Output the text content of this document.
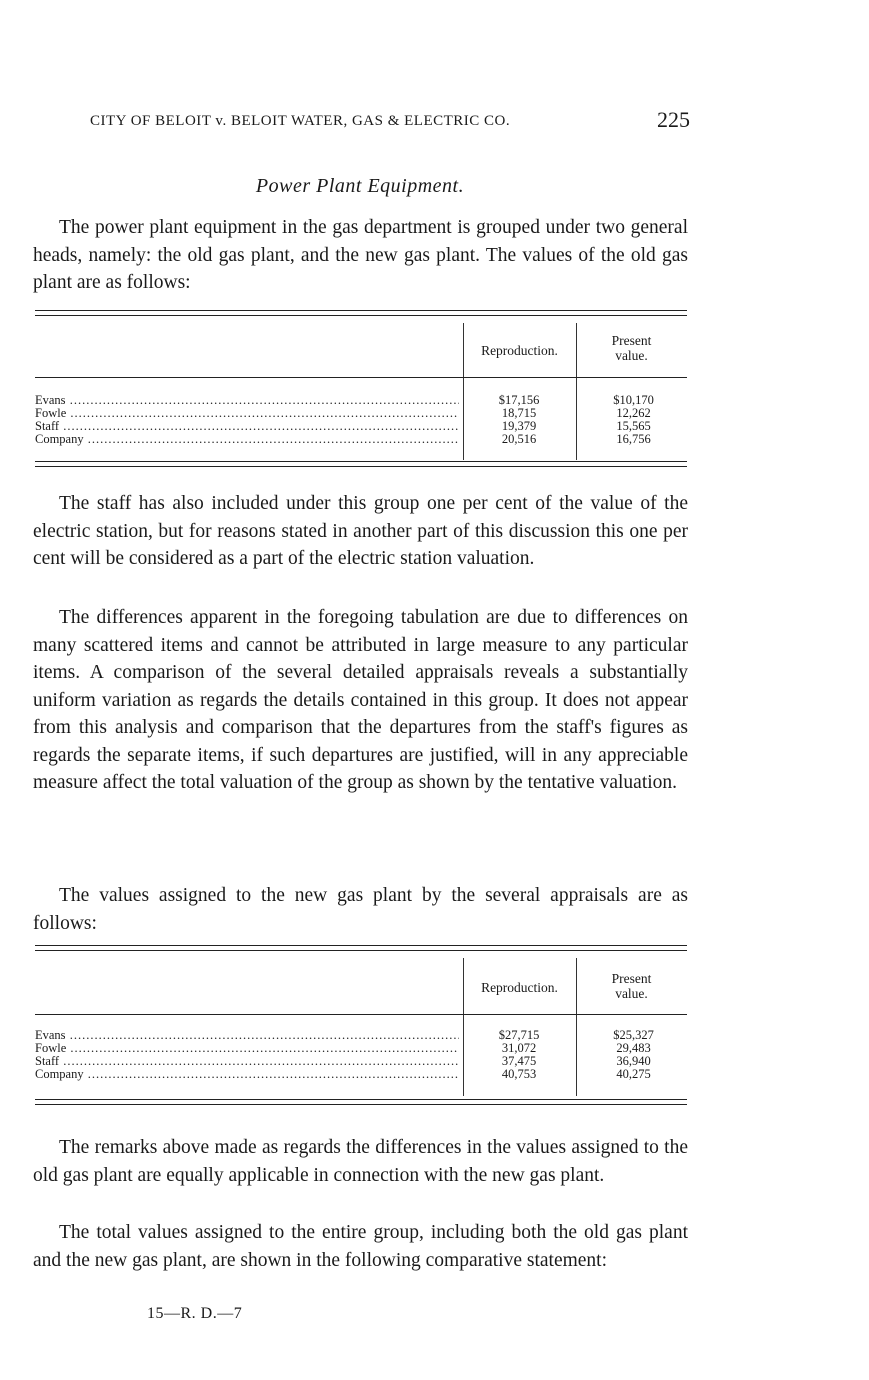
CITY OF BELOIT v. BELOIT WATER, GAS & ELECTRIC CO.	225
Power Plant Equipment.

The power plant equipment in the gas department is grouped under two general heads, namely: the old gas plant, and the new gas plant. The values of the old gas plant are as follows:

Reproduction.
Present
value.
Evans .....	$17,156	$10,170
Fowle .....	18,715	12,262
Staff .....	19,379	15,565
Company .....	20,516	16,756

The staff has also included under this group one per cent of the value of the electric station, but for reasons stated in another part of this discussion this one per cent will be considered as a part of the electric station valuation.

The differences apparent in the foregoing tabulation are due to differences on many scattered items and cannot be attributed in large measure to any particular items. A comparison of the several detailed appraisals reveals a substantially uniform variation as regards the details contained in this group. It does not appear from this analysis and comparison that the departures from the staff's figures as regards the separate items, if such departures are justified, will in any appreciable measure affect the total valuation of the group as shown by the tentative valuation.

The values assigned to the new gas plant by the several appraisals are as follows:

Reproduction.
Present
value.
Evans .....	$27,715	$25,327
Fowle .....	31,072	29,483
Staff .....	37,475	36,940
Company .....	40,753	40,275

The remarks above made as regards the differences in the values assigned to the old gas plant are equally applicable in connection with the new gas plant.

The total values assigned to the entire group, including both the old gas plant and the new gas plant, are shown in the following comparative statement:

15—R. D.—7
